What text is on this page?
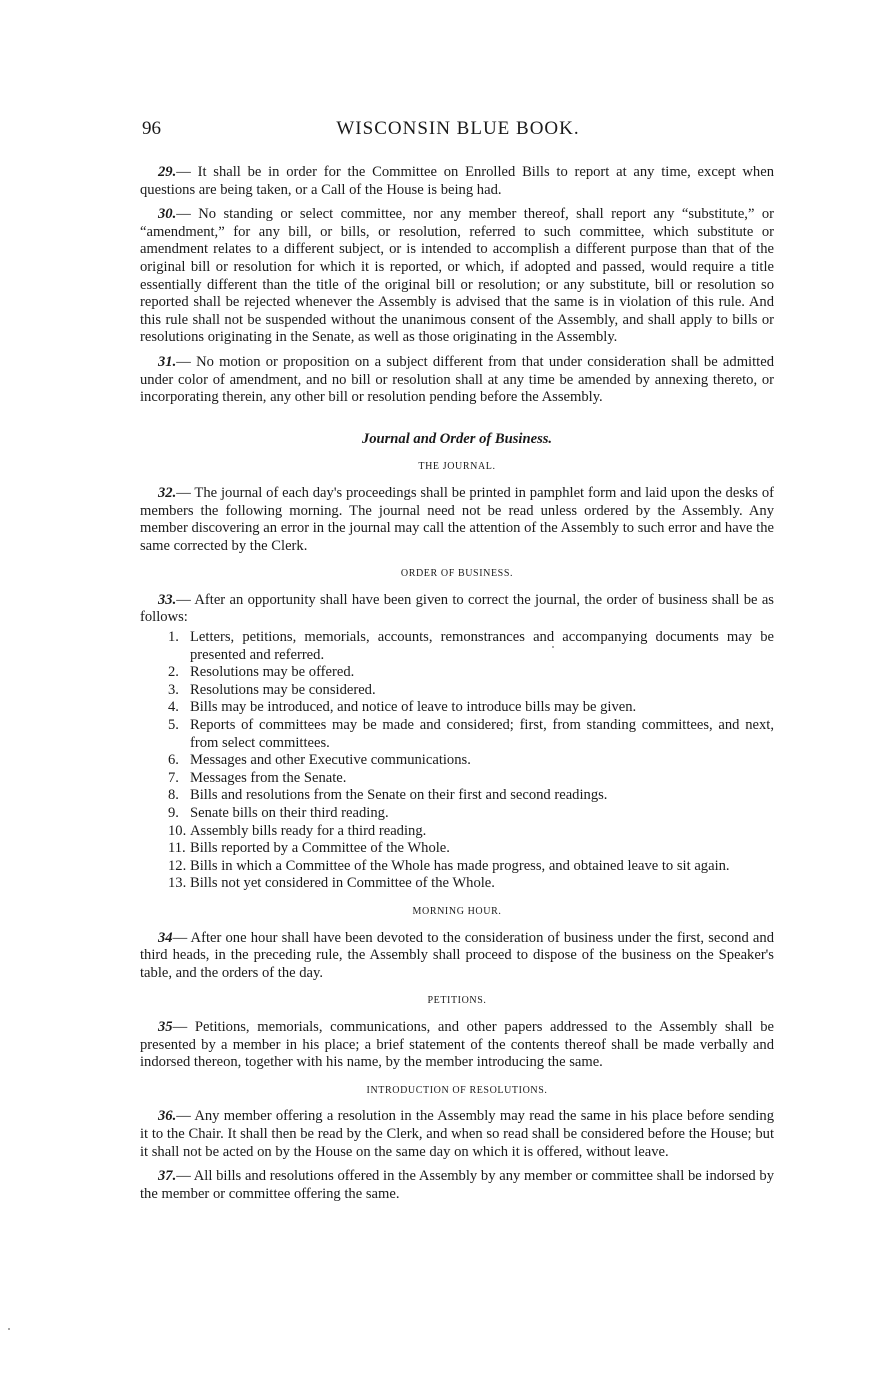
96	WISCONSIN BLUE BOOK.

29.— It shall be in order for the Committee on Enrolled Bills to report at any time, except when questions are being taken, or a Call of the House is being had.

30.— No standing or select committee, nor any member thereof, shall report any “substitute,” or “amendment,” for any bill, or bills, or resolution, referred to such committee, which substitute or amendment relates to a different subject, or is intended to accomplish a different purpose than that of the original bill or resolution for which it is reported, or which, if adopted and passed, would require a title essentially different than the title of the original bill or resolution; or any substitute, bill or resolution so reported shall be rejected whenever the Assembly is advised that the same is in violation of this rule. And this rule shall not be suspended without the unanimous consent of the Assembly, and shall apply to bills or resolutions originating in the Senate, as well as those originating in the Assembly.

31.— No motion or proposition on a subject different from that under consideration shall be admitted under color of amendment, and no bill or resolution shall at any time be amended by annexing thereto, or incorporating therein, any other bill or resolution pending before the Assembly.

Journal and Order of Business.
THE JOURNAL.

32.— The journal of each day's proceedings shall be printed in pamphlet form and laid upon the desks of members the following morning. The journal need not be read unless ordered by the Assembly. Any member discovering an error in the journal may call the attention of the Assembly to such error and have the same corrected by the Clerk.

ORDER OF BUSINESS.

33.— After an opportunity shall have been given to correct the journal, the order of business shall be as follows:

1. Letters, petitions, memorials, accounts, remonstrances and accompanying documents may be presented and referred.
2. Resolutions may be offered.
3. Resolutions may be considered.
4. Bills may be introduced, and notice of leave to introduce bills may be given.
5. Reports of committees may be made and considered; first, from standing committees, and next, from select committees.
6. Messages and other Executive communications.
7. Messages from the Senate.
8. Bills and resolutions from the Senate on their first and second readings.
9. Senate bills on their third reading.
10. Assembly bills ready for a third reading.
11. Bills reported by a Committee of the Whole.
12. Bills in which a Committee of the Whole has made progress, and obtained leave to sit again.
13. Bills not yet considered in Committee of the Whole.
MORNING HOUR.

34— After one hour shall have been devoted to the consideration of business under the first, second and third heads, in the preceding rule, the Assembly shall proceed to dispose of the business on the Speaker's table, and the orders of the day.

PETITIONS.

35— Petitions, memorials, communications, and other papers addressed to the Assembly shall be presented by a member in his place; a brief statement of the contents thereof shall be made verbally and indorsed thereon, together with his name, by the member introducing the same.

INTRODUCTION OF RESOLUTIONS.

36.— Any member offering a resolution in the Assembly may read the same in his place before sending it to the Chair. It shall then be read by the Clerk, and when so read shall be considered before the House; but it shall not be acted on by the House on the same day on which it is offered, without leave.

37.— All bills and resolutions offered in the Assembly by any member or committee shall be indorsed by the member or committee offering the same.
